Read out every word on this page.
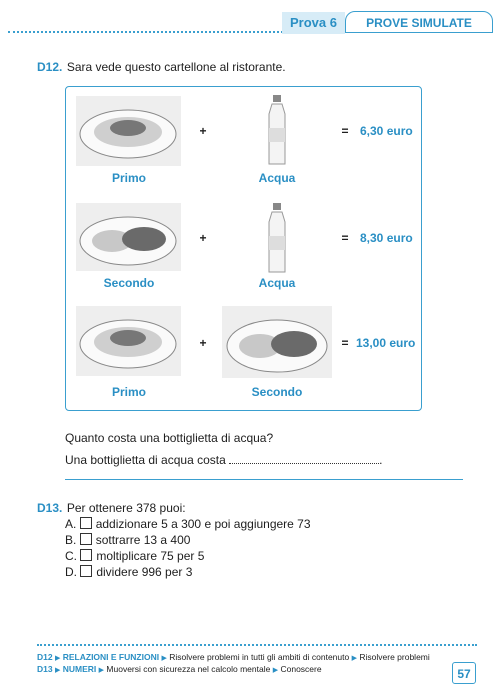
Prova 6	PROVE SIMULATE
D12. Sara vede questo cartellone al ristorante.
+	= 6,30 euro
Primo	Acqua
+	= 8,30 euro
Secondo	Acqua
+	= 13,00 euro
Primo	Secondo
Quanto costa una bottiglietta di acqua?
Una bottiglietta di acqua costa	.
D13. Per ottenere 378 puoi:
A. addizionare 5 a 300 e poi aggiungere 73
B. sottrarre 13 a 400
C. moltiplicare 75 per 5
D. dividere 996 per 3
D12 ▶ RELAZIONI E FUNZIONI ▶ Risolvere problemi in tutti gli ambiti di contenuto ▶ Risolvere problemi
D13 ▶ NUMERI ▶ Muoversi con sicurezza nel calcolo mentale ▶ Conoscere	57
